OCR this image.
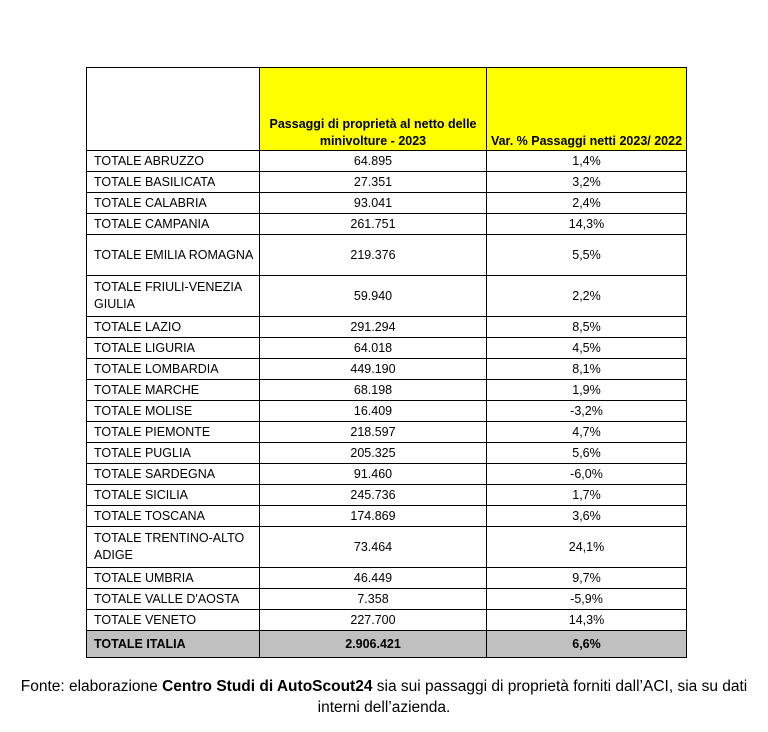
	Passaggi di proprietà al netto delle minivolture - 2023	Var. % Passaggi netti 2023/ 2022
TOTALE ABRUZZO	64.895	1,4%
TOTALE BASILICATA	27.351	3,2%
TOTALE CALABRIA	93.041	2,4%
TOTALE CAMPANIA	261.751	14,3%
TOTALE EMILIA ROMAGNA	219.376	5,5%
TOTALE FRIULI-VENEZIA GIULIA	59.940	2,2%
TOTALE LAZIO	291.294	8,5%
TOTALE LIGURIA	64.018	4,5%
TOTALE LOMBARDIA	449.190	8,1%
TOTALE MARCHE	68.198	1,9%
TOTALE MOLISE	16.409	-3,2%
TOTALE PIEMONTE	218.597	4,7%
TOTALE PUGLIA	205.325	5,6%
TOTALE SARDEGNA	91.460	-6,0%
TOTALE SICILIA	245.736	1,7%
TOTALE TOSCANA	174.869	3,6%
TOTALE TRENTINO-ALTO ADIGE	73.464	24,1%
TOTALE UMBRIA	46.449	9,7%
TOTALE VALLE D'AOSTA	7.358	-5,9%
TOTALE VENETO	227.700	14,3%
TOTALE ITALIA	2.906.421	6,6%
Fonte: elaborazione Centro Studi di AutoScout24 sia sui passaggi di proprietà forniti dall’ACI, sia su dati interni dell’azienda.
